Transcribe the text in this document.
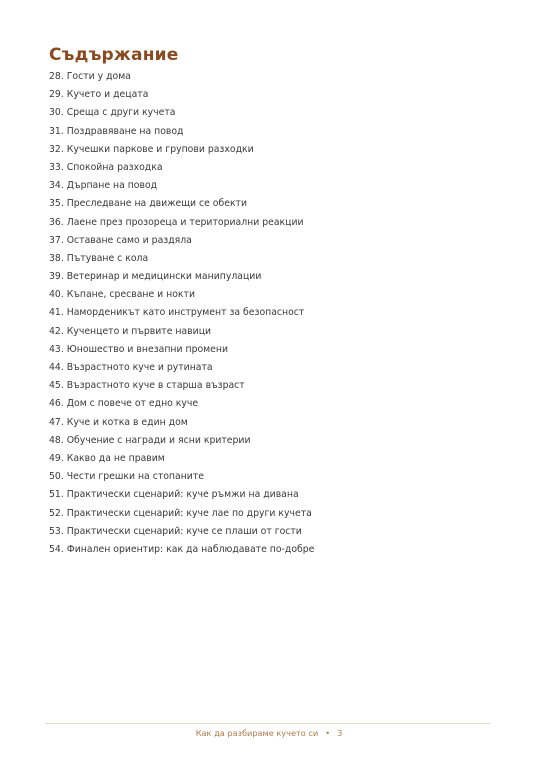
Съдържание
28. Гости у дома
29. Кучето и децата
30. Среща с други кучета
31. Поздравяване на повод
32. Кучешки паркове и групови разходки
33. Спокойна разходка
34. Дърпане на повод
35. Преследване на движещи се обекти
36. Лаене през прозореца и териториални реакции
37. Оставане само и раздяла
38. Пътуване с кола
39. Ветеринар и медицински манипулации
40. Къпане, сресване и нокти
41. Наморденикът като инструмент за безопасност
42. Кученцето и първите навици
43. Юношество и внезапни промени
44. Възрастното куче и рутината
45. Възрастното куче в старша възраст
46. Дом с повече от едно куче
47. Куче и котка в един дом
48. Обучение с награди и ясни критерии
49. Какво да не правим
50. Чести грешки на стопаните
51. Практически сценарий: куче ръмжи на дивана
52. Практически сценарий: куче лае по други кучета
53. Практически сценарий: куче се плаши от гости
54. Финален ориентир: как да наблюдавате по-добре
Как да разбираме кучето си • 3
